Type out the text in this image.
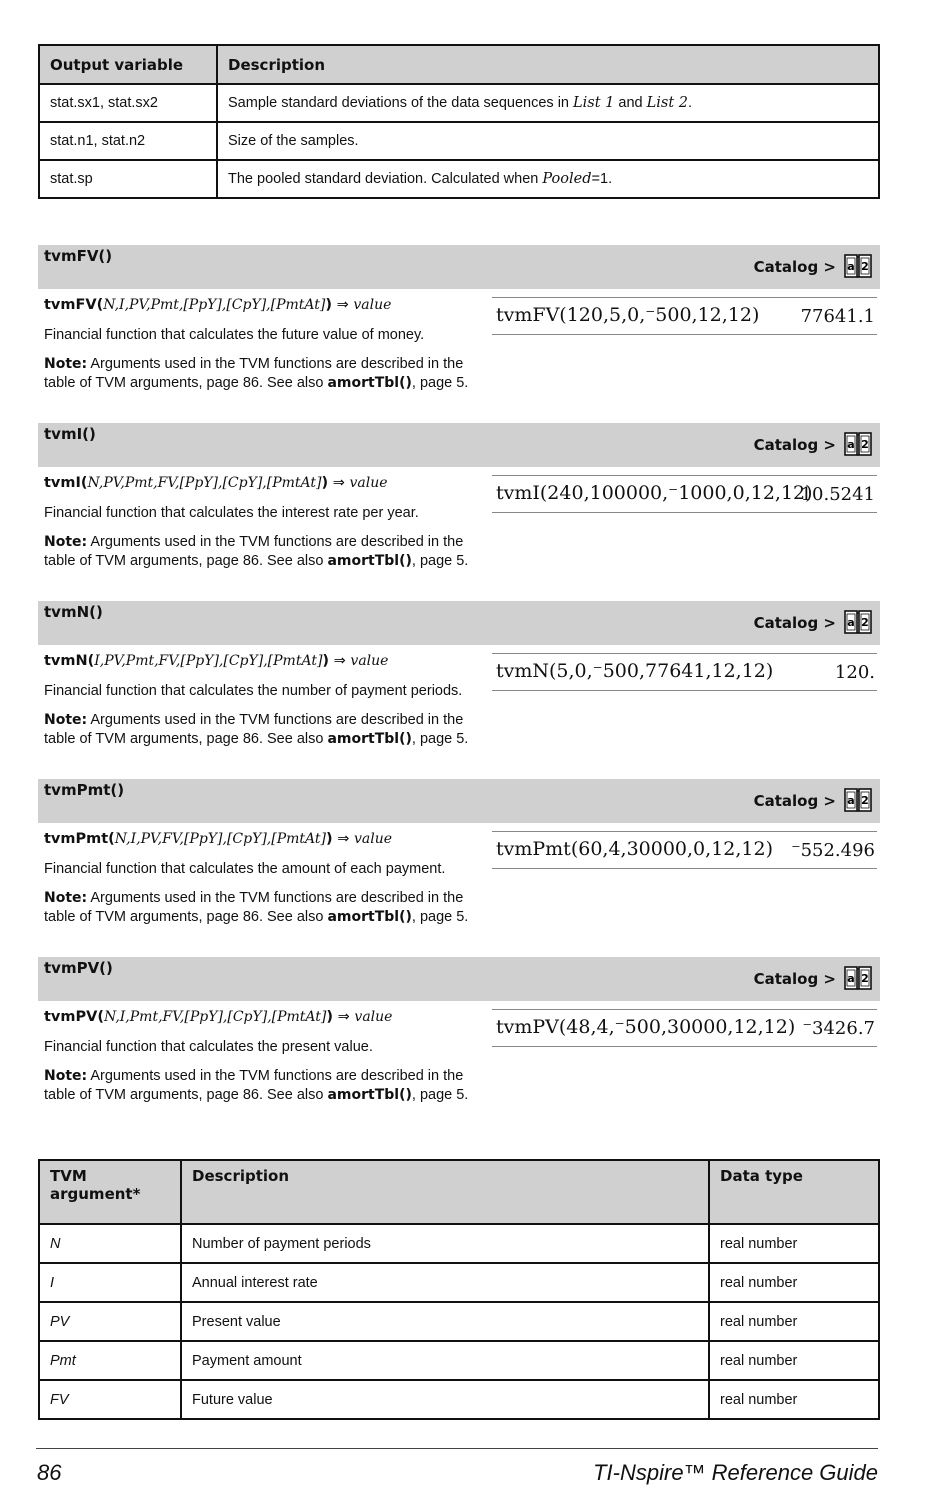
Output variable	Description
stat.sx1, stat.sx2	Sample standard deviations of the data sequences in List 1 and List 2.
stat.n1, stat.n2	Size of the samples.
stat.sp	The pooled standard deviation. Calculated when Pooled=1.
tvmFV()
Catalog > a 2
tvmFV(N,I,PV,Pmt,[PpY],[CpY],[PmtAt]) ⇒ value
Financial function that calculates the future value of money.
Note: Arguments used in the TVM functions are described in the table of TVM arguments, page 86. See also amortTbl(), page 5.
tvmFV(120,5,0,⁻500,12,12) 77641.1
tvmI()
Catalog > a 2
tvmI(N,PV,Pmt,FV,[PpY],[CpY],[PmtAt]) ⇒ value
Financial function that calculates the interest rate per year.
Note: Arguments used in the TVM functions are described in the table of TVM arguments, page 86. See also amortTbl(), page 5.
tvmI(240,100000,⁻1000,0,12,12)
10.5241
tvmN()
Catalog > a 2
tvmN(I,PV,Pmt,FV,[PpY],[CpY],[PmtAt]) ⇒ value
Financial function that calculates the number of payment periods.
Note: Arguments used in the TVM functions are described in the table of TVM arguments, page 86. See also amortTbl(), page 5.
tvmN(5,0,⁻500,77641,12,12)	120.
tvmPmt()
Catalog > a 2
tvmPmt(N,I,PV,FV,[PpY],[CpY],[PmtAt]) ⇒ value
Financial function that calculates the amount of each payment.
Note: Arguments used in the TVM functions are described in the table of TVM arguments, page 86. See also amortTbl(), page 5.
tvmPmt(60,4,30000,0,12,12) ⁻552.496
tvmPV()
Catalog > a 2
tvmPV(N,I,Pmt,FV,[PpY],[CpY],[PmtAt]) ⇒ value
Financial function that calculates the present value.
Note: Arguments used in the TVM functions are described in the table of TVM arguments, page 86. See also amortTbl(), page 5.
tvmPV(48,4,⁻500,30000,12,12) ⁻3426.7
TVM argument*	Description	Data type
N	Number of payment periods	real number
I	Annual interest rate	real number
PV	Present value	real number
Pmt	Payment amount	real number
FV	Future value	real number
86	TI-Nspire™ Reference Guide
